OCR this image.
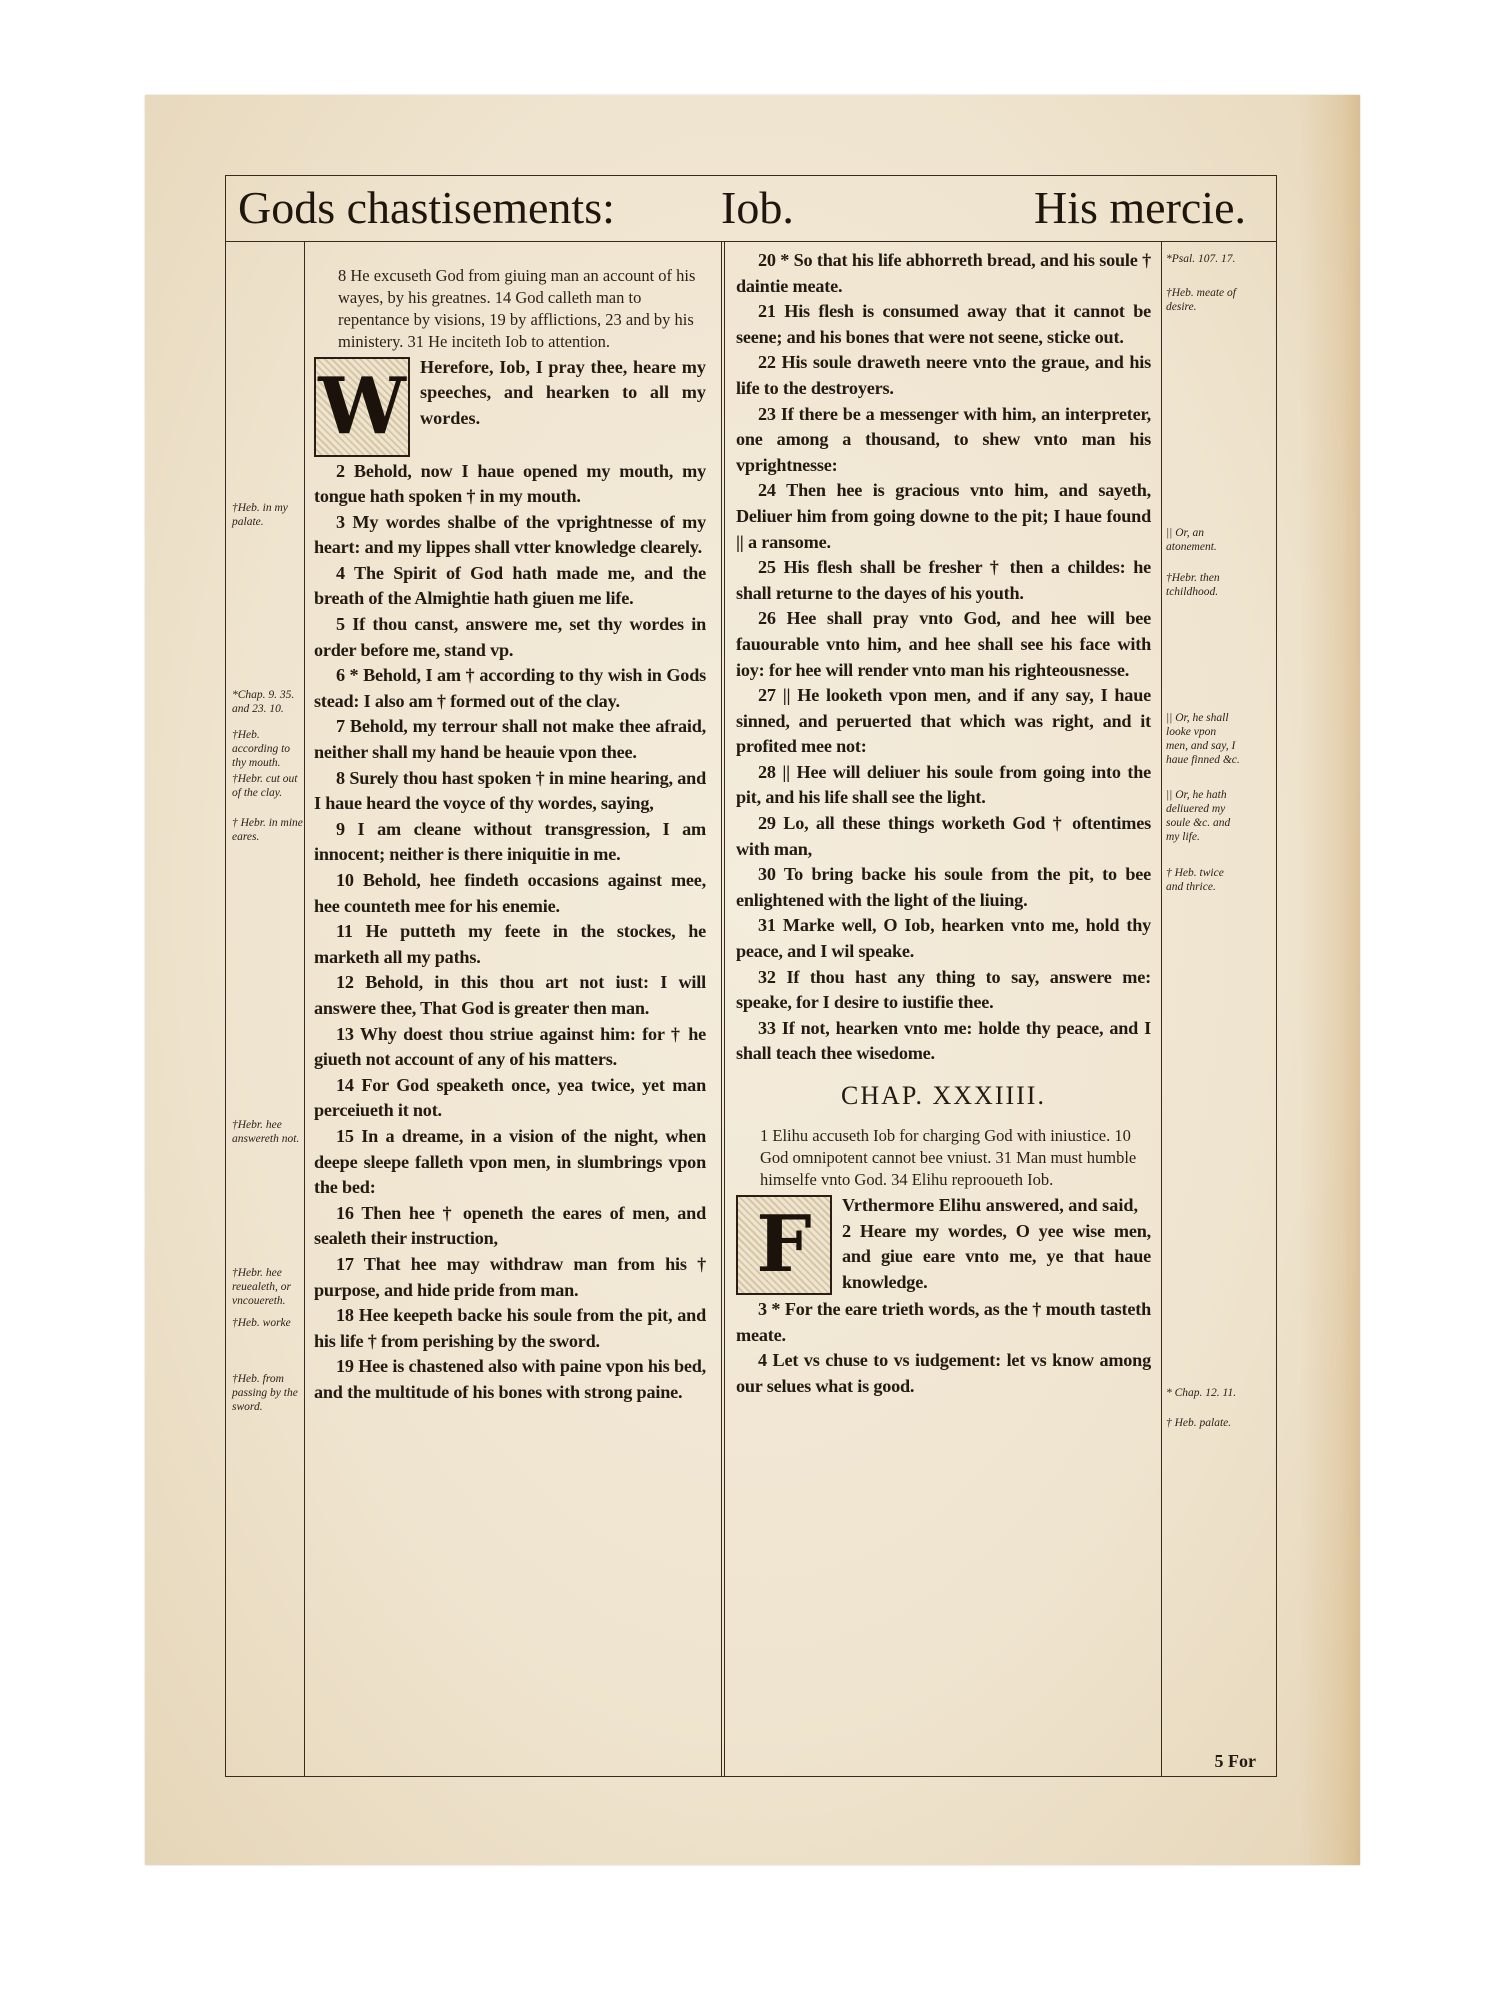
Gods chastisements: Iob.	His mercie.
†Heb. in my palate.
*Chap. 9. 35. and 23. 10.
†Heb. according to thy mouth.
†Hebr. cut out of the clay.
† Hebr. in mine eares.
†Hebr. hee answereth not.
†Hebr. hee reuealeth, or vncouereth.
†Heb. worke
†Heb. from passing by the sword.
*Psal. 107. 17.
†Heb. meate of desire.
|| Or, an atonement.
†Hebr. then tchildhood.
|| Or, he shall looke vpon men, and say, I haue finned &c.
|| Or, he hath deliuered my soule &c. and my life.
† Heb. twice and thrice.
* Chap. 12. 11.
† Heb. palate.

8 He excuseth God from giuing man an account of his wayes, by his greatnes. 14 God calleth man to repentance by visions, 19 by afflictions, 23 and by his ministery. 31 He inciteth Iob to attention.

W Herefore, Iob, I pray thee, heare my speeches, and hearken to all my wordes.

2 Behold, now I haue opened my mouth, my tongue hath spoken † in my mouth.

3 My wordes shalbe of the vprightnesse of my heart: and my lippes shall vtter knowledge clearely.

4 The Spirit of God hath made me, and the breath of the Almightie hath giuen me life.

5 If thou canst, answere me, set thy wordes in order before me, stand vp.

6 * Behold, I am † according to thy wish in Gods stead: I also am † formed out of the clay.

7 Behold, my terrour shall not make thee afraid, neither shall my hand be heauie vpon thee.

8 Surely thou hast spoken † in mine hearing, and I haue heard the voyce of thy wordes, saying,

9 I am cleane without transgression, I am innocent; neither is there iniquitie in me.

10 Behold, hee findeth occasions against mee, hee counteth mee for his enemie.

11 He putteth my feete in the stockes, he marketh all my paths.

12 Behold, in this thou art not iust: I will answere thee, That God is greater then man.

13 Why doest thou striue against him: for † he giueth not account of any of his matters.

14 For God speaketh once, yea twice, yet man perceiueth it not.

15 In a dreame, in a vision of the night, when deepe sleepe falleth vpon men, in slumbrings vpon the bed:

16 Then hee † openeth the eares of men, and sealeth their instruction,

17 That hee may withdraw man from his † purpose, and hide pride from man.

18 Hee keepeth backe his soule from the pit, and his life † from perishing by the sword.

19 Hee is chastened also with paine vpon his bed, and the multitude of his bones with strong paine.

20 * So that his life abhorreth bread, and his soule † daintie meate.

21 His flesh is consumed away that it cannot be seene; and his bones that were not seene, sticke out.

22 His soule draweth neere vnto the graue, and his life to the destroyers.

23 If there be a messenger with him, an interpreter, one among a thousand, to shew vnto man his vprightnesse:

24 Then hee is gracious vnto him, and sayeth, Deliuer him from going downe to the pit; I haue found || a ransome.

25 His flesh shall be fresher † then a childes: he shall returne to the dayes of his youth.

26 Hee shall pray vnto God, and hee will bee fauourable vnto him, and hee shall see his face with ioy: for hee will render vnto man his righteousnesse.

27 || He looketh vpon men, and if any say, I haue sinned, and peruerted that which was right, and it profited mee not:

28 || Hee will deliuer his soule from going into the pit, and his life shall see the light.

29 Lo, all these things worketh God † oftentimes with man,

30 To bring backe his soule from the pit, to bee enlightened with the light of the liuing.

31 Marke well, O Iob, hearken vnto me, hold thy peace, and I wil speake.

32 If thou hast any thing to say, answere me: speake, for I desire to iustifie thee.

33 If not, hearken vnto me: holde thy peace, and I shall teach thee wisedome.

CHAP. XXXIIII.

1 Elihu accuseth Iob for charging God with iniustice. 10 God omnipotent cannot bee vniust. 31 Man must humble himselfe vnto God. 34 Elihu reprooueth Iob.

F	Vrthermore Elihu answered, and said,
2 Heare my wordes, O yee wise men, and giue eare vnto me, ye that haue knowledge.

3 * For the eare trieth words, as the † mouth tasteth meate.

4 Let vs chuse to vs iudgement: let vs know among our selues what is good.

5 For
